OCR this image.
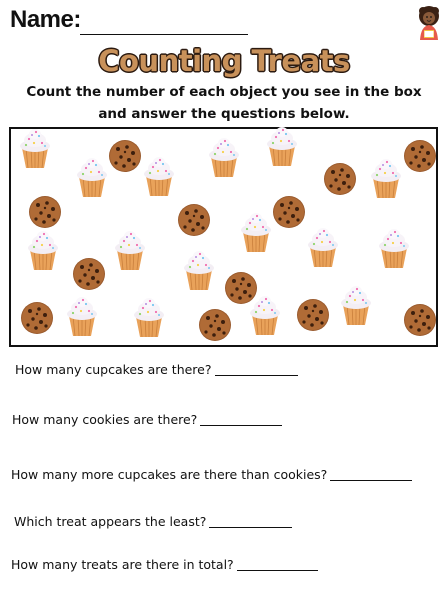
Name:
Counting Treats
Count the number of each object you see in the box
and answer the questions below.
How many cupcakes are there?
How many cookies are there?
How many more cupcakes are there than cookies?
Which treat appears the least?
How many treats are there in total?
